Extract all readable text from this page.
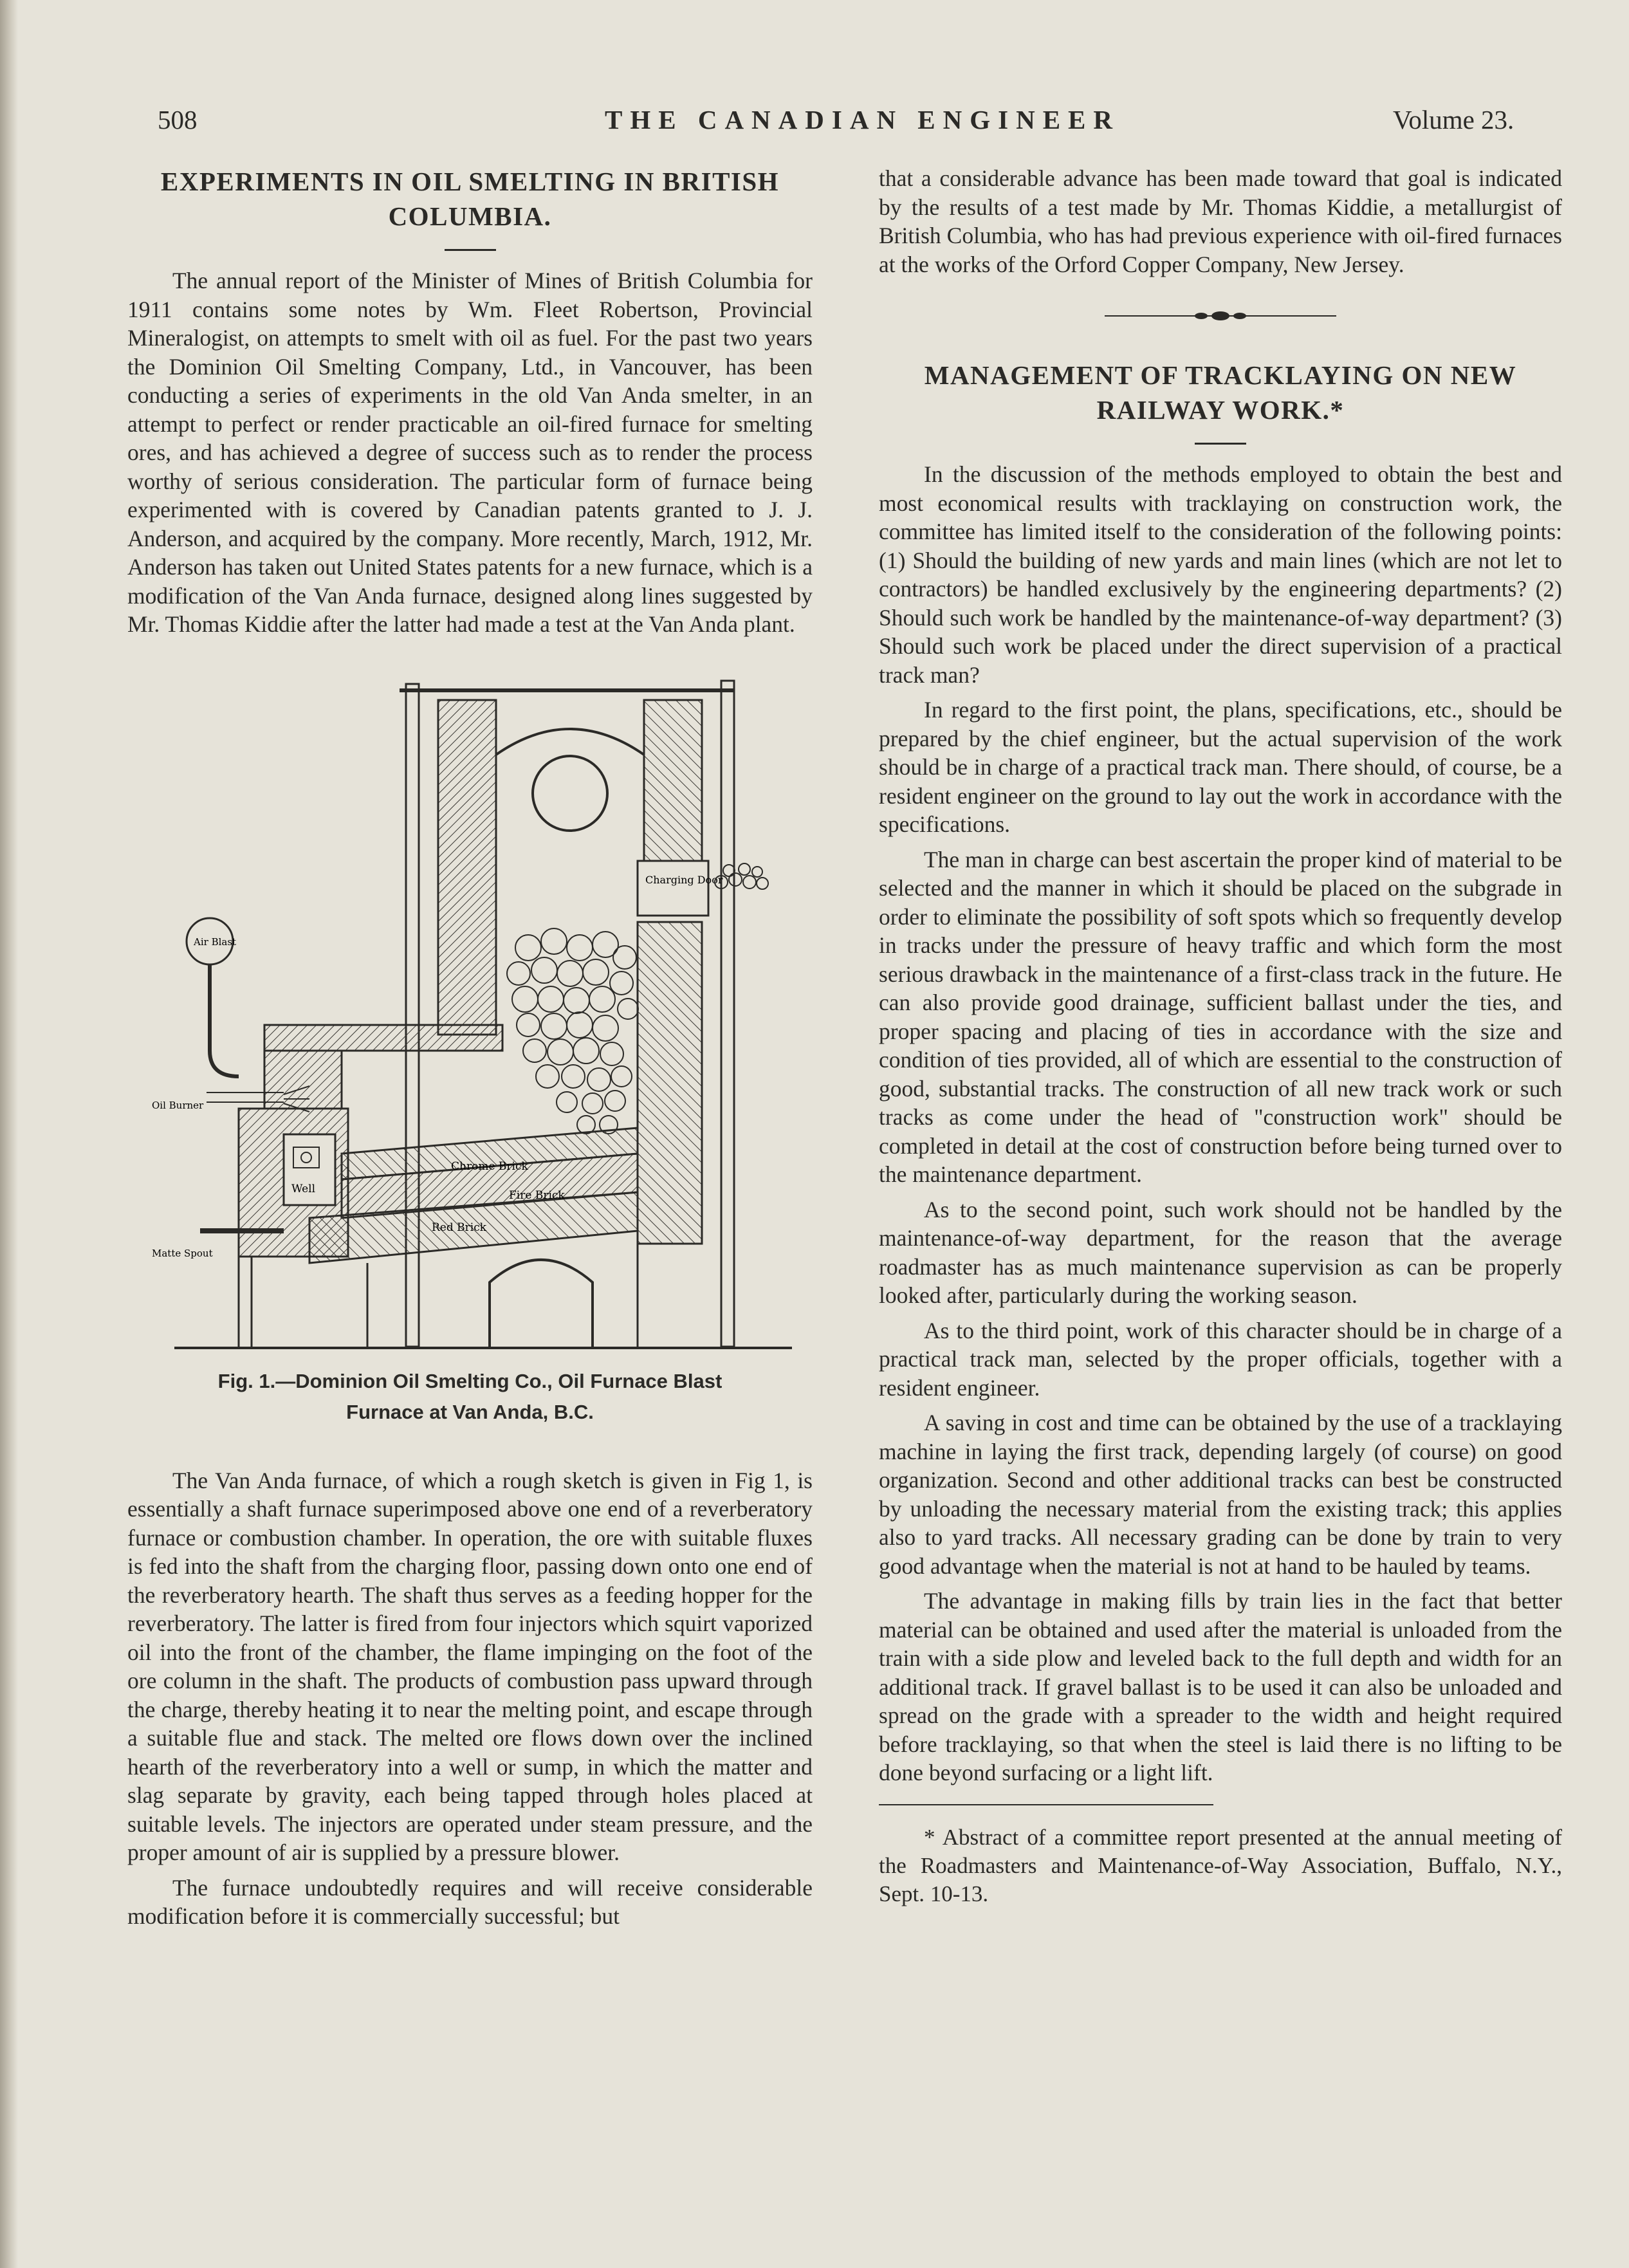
508	THE CANADIAN ENGINEER	Volume 23.
EXPERIMENTS IN OIL SMELTING IN BRITISH COLUMBIA.

The annual report of the Minister of Mines of British Columbia for 1911 contains some notes by Wm. Fleet Robertson, Provincial Mineralogist, on attempts to smelt with oil as fuel. For the past two years the Dominion Oil Smelting Company, Ltd., in Vancouver, has been conducting a series of experiments in the old Van Anda smelter, in an attempt to perfect or render practicable an oil-fired furnace for smelting ores, and has achieved a degree of success such as to render the process worthy of serious consideration. The particular form of furnace being experimented with is covered by Canadian patents granted to J. J. Anderson, and acquired by the company. More recently, March, 1912, Mr. Anderson has taken out United States patents for a new furnace, which is a modification of the Van Anda furnace, designed along lines suggested by Mr. Thomas Kiddie after the latter had made a test at the Van Anda plant.

Charging Door
Chrome Brick
Fire Brick
Red Brick
Well
Air Blast
Oil Burner
Matte Spout
Fig. 1.—Dominion Oil Smelting Co., Oil Furnace Blast
Furnace at Van Anda, B.C.

The Van Anda furnace, of which a rough sketch is given in Fig 1, is essentially a shaft furnace superimposed above one end of a reverberatory furnace or combustion chamber. In operation, the ore with suitable fluxes is fed into the shaft from the charging floor, passing down onto one end of the reverberatory hearth. The shaft thus serves as a feeding hopper for the reverberatory. The latter is fired from four injectors which squirt vaporized oil into the front of the chamber, the flame impinging on the foot of the ore column in the shaft. The products of combustion pass upward through the charge, thereby heating it to near the melting point, and escape through a suitable flue and stack. The melted ore flows down over the inclined hearth of the reverberatory into a well or sump, in which the matter and slag separate by gravity, each being tapped through holes placed at suitable levels. The injectors are operated under steam pressure, and the proper amount of air is supplied by a pressure blower.

The furnace undoubtedly requires and will receive considerable modification before it is commercially successful; but

that a considerable advance has been made toward that goal is indicated by the results of a test made by Mr. Thomas Kiddie, a metallurgist of British Columbia, who has had previous experience with oil-fired furnaces at the works of the Orford Copper Company, New Jersey.

MANAGEMENT OF TRACKLAYING ON NEW RAILWAY WORK.*

In the discussion of the methods employed to obtain the best and most economical results with tracklaying on construction work, the committee has limited itself to the consideration of the following points: (1) Should the building of new yards and main lines (which are not let to contractors) be handled exclusively by the engineering departments? (2) Should such work be handled by the maintenance-of-way department? (3) Should such work be placed under the direct supervision of a practical track man?

In regard to the first point, the plans, specifications, etc., should be prepared by the chief engineer, but the actual supervision of the work should be in charge of a practical track man. There should, of course, be a resident engineer on the ground to lay out the work in accordance with the specifications.

The man in charge can best ascertain the proper kind of material to be selected and the manner in which it should be placed on the subgrade in order to eliminate the possibility of soft spots which so frequently develop in tracks under the pressure of heavy traffic and which form the most serious drawback in the maintenance of a first-class track in the future. He can also provide good drainage, sufficient ballast under the ties, and proper spacing and placing of ties in accordance with the size and condition of ties provided, all of which are essential to the construction of good, substantial tracks. The construction of all new track work or such tracks as come under the head of "construction work" should be completed in detail at the cost of construction before being turned over to the maintenance department.

As to the second point, such work should not be handled by the maintenance-of-way department, for the reason that the average roadmaster has as much maintenance supervision as can be properly looked after, particularly during the working season.

As to the third point, work of this character should be in charge of a practical track man, selected by the proper officials, together with a resident engineer.

A saving in cost and time can be obtained by the use of a tracklaying machine in laying the first track, depending largely (of course) on good organization. Second and other additional tracks can best be constructed by unloading the necessary material from the existing track; this applies also to yard tracks. All necessary grading can be done by train to very good advantage when the material is not at hand to be hauled by teams.

The advantage in making fills by train lies in the fact that better material can be obtained and used after the material is unloaded from the train with a side plow and leveled back to the full depth and width for an additional track. If gravel ballast is to be used it can also be unloaded and spread on the grade with a spreader to the width and height required before tracklaying, so that when the steel is laid there is no lifting to be done beyond surfacing or a light lift.

* Abstract of a committee report presented at the annual meeting of the Roadmasters and Maintenance-of-Way Association, Buffalo, N.Y., Sept. 10-13.
